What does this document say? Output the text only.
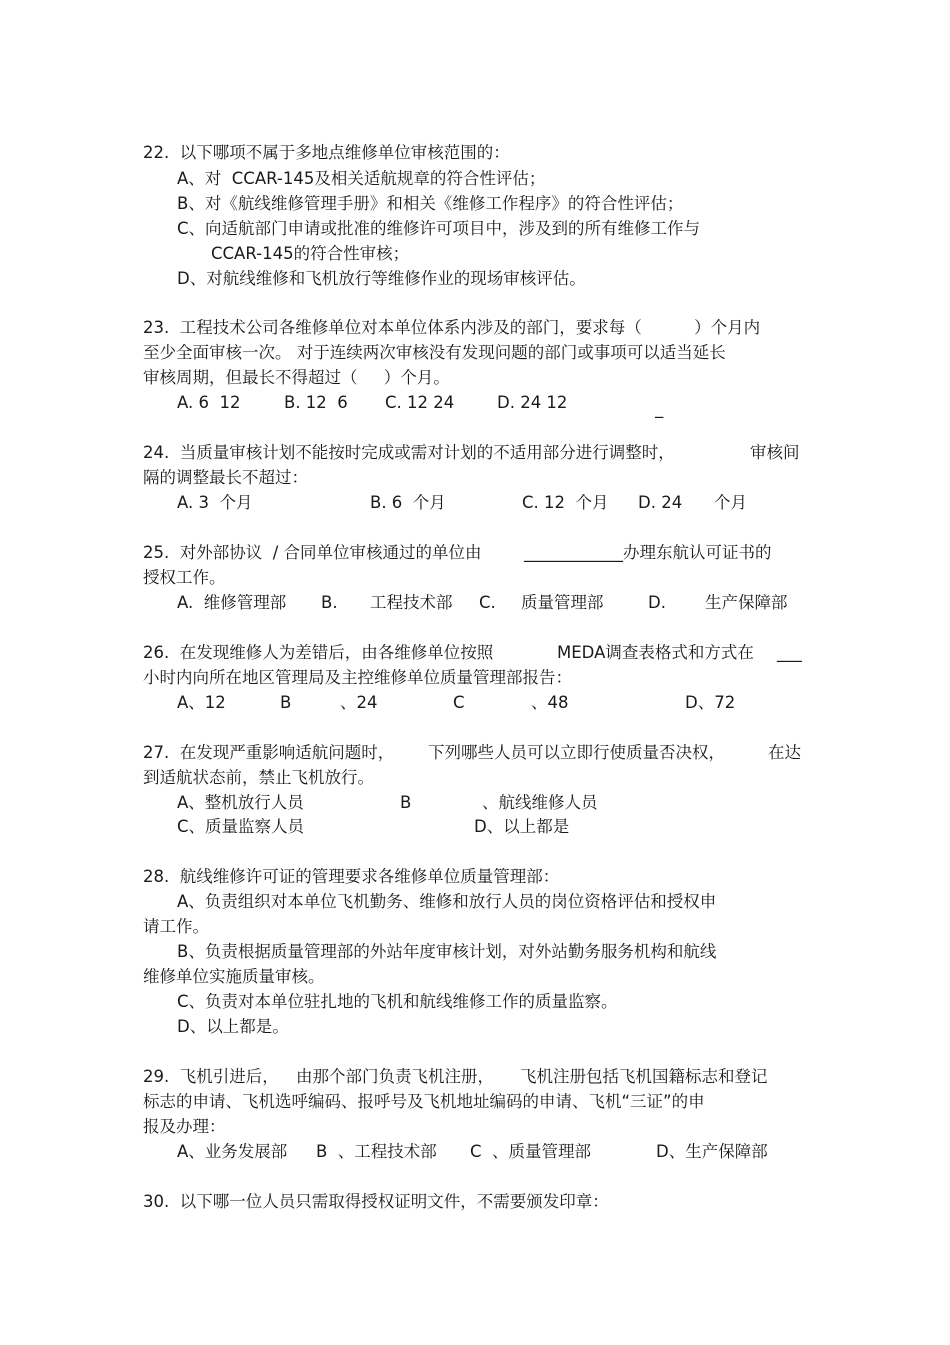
22.  以下哪项不属于多地点维修单位审核范围的：
A、对  CCAR-145及相关适航规章的符合性评估；
B、对《航线维修管理手册》和相关《维修工作程序》的符合性评估；
C、向适航部门申请或批准的维修许可项目中，涉及到的所有维修工作与
CCAR-145的符合性审核；
D、对航线维修和飞机放行等维修作业的现场审核评估。
23.  工程技术公司各维修单位对本单位体系内涉及的部门，要求每（          ）个月内
至少全面审核一次。 对于连续两次审核没有发现问题的部门或事项可以适当延长
审核周期，但最长不得超过（     ）个月。
A. 6  12	B. 12  6 C. 12 24	D. 24 12	_
24.  当质量审核计划不能按时完成或需对计划的不适用部分进行调整时，	审核间
隔的调整最长不超过：
A. 3  个月	B. 6  个月	C. 12  个月 D. 24 个月
25.  对外部协议  / 合同单位审核通过的单位由	____________办理东航认可证书的
授权工作。
A.  维修管理部 B. 工程技术部 C. 质量管理部	D. 生产保障部
26.  在发现维修人为差错后，由各维修单位按照	MEDA调查表格式和方式在 ___
小时内向所在地区管理局及主控维修单位质量管理部报告：
A、12	B	、24	C	、48	D、72
27.  在发现严重影响适航问题时， 下列哪些人员可以立即行使质量否决权，	在达
到适航状态前，禁止飞机放行。
A、整机放行人员	B	、航线维修人员
C、质量监察人员	D、以上都是
28.  航线维修许可证的管理要求各维修单位质量管理部：
A、负责组织对本单位飞机勤务、维修和放行人员的岗位资格评估和授权申
请工作。
B、负责根据质量管理部的外站年度审核计划，对外站勤务服务机构和航线
维修单位实施质量审核。
C、负责对本单位驻扎地的飞机和航线维修工作的质量监察。
D、以上都是。
29.  飞机引进后， 由那个部门负责飞机注册， 飞机注册包括飞机国籍标志和登记
标志的申请、飞机选呼编码、报呼号及飞机地址编码的申请、飞机“三证”的申
报及办理：
A、业务发展部 B  、工程技术部 C  、质量管理部	D、生产保障部
30.  以下哪一位人员只需取得授权证明文件，不需要颁发印章：
